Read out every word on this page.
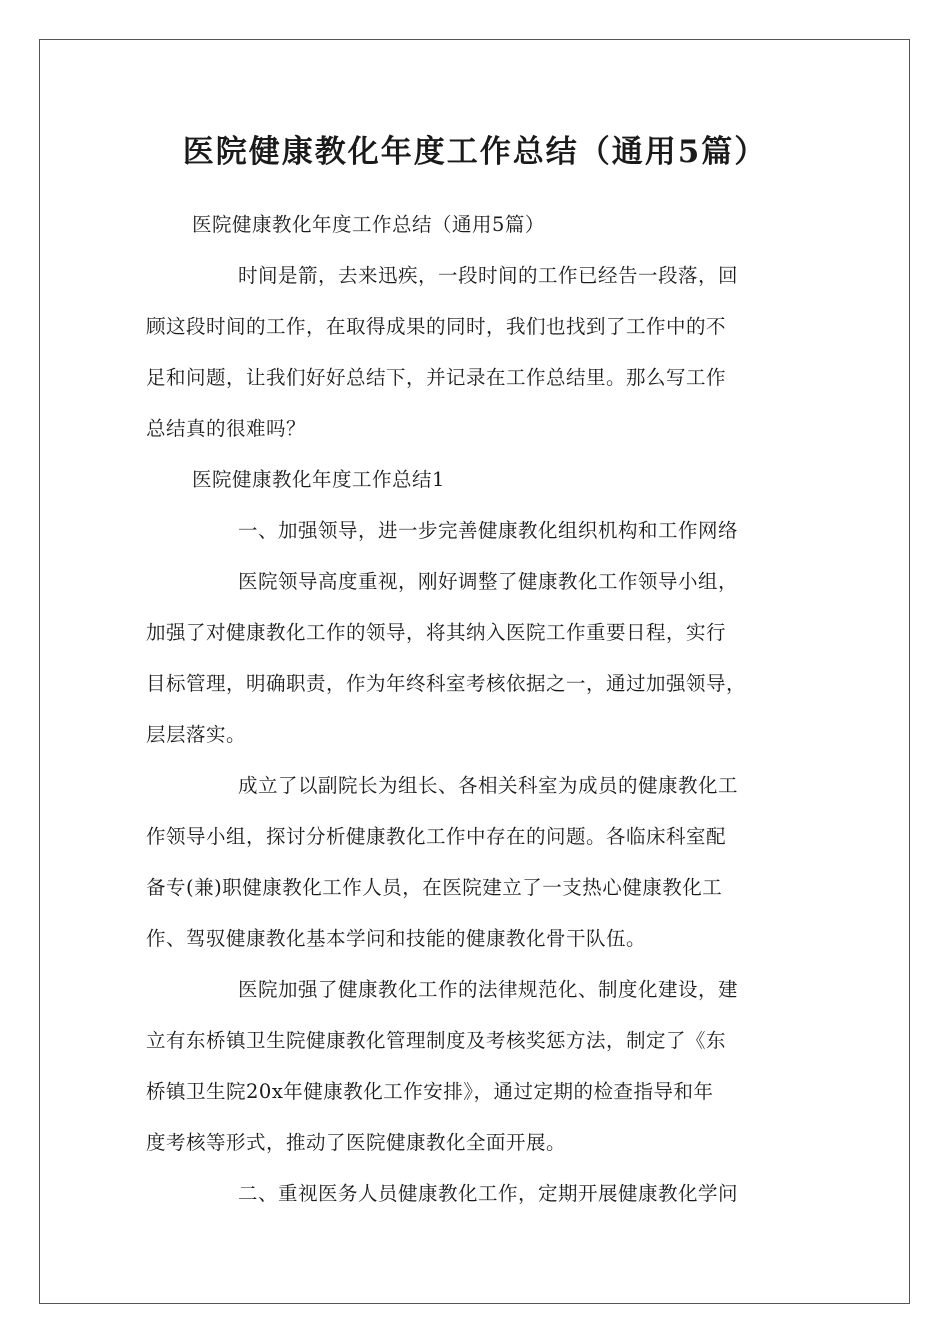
医院健康教化年度工作总结（通用5篇）
医院健康教化年度工作总结（通用5篇）
时间是箭，去来迅疾，一段时间的工作已经告一段落，回
顾这段时间的工作，在取得成果的同时，我们也找到了工作中的不
足和问题，让我们好好总结下，并记录在工作总结里。那么写工作
总结真的很难吗？
医院健康教化年度工作总结1
一、加强领导，进一步完善健康教化组织机构和工作网络
医院领导高度重视，刚好调整了健康教化工作领导小组，
加强了对健康教化工作的领导，将其纳入医院工作重要日程，实行
目标管理，明确职责，作为年终科室考核依据之一，通过加强领导，
层层落实。
成立了以副院长为组长、各相关科室为成员的健康教化工
作领导小组，探讨分析健康教化工作中存在的问题。各临床科室配
备专(兼)职健康教化工作人员，在医院建立了一支热心健康教化工
作、驾驭健康教化基本学问和技能的健康教化骨干队伍。
医院加强了健康教化工作的法律规范化、制度化建设，建
立有东桥镇卫生院健康教化管理制度及考核奖惩方法，制定了《东
桥镇卫生院20x年健康教化工作安排》，通过定期的检查指导和年
度考核等形式，推动了医院健康教化全面开展。
二、重视医务人员健康教化工作，定期开展健康教化学问
